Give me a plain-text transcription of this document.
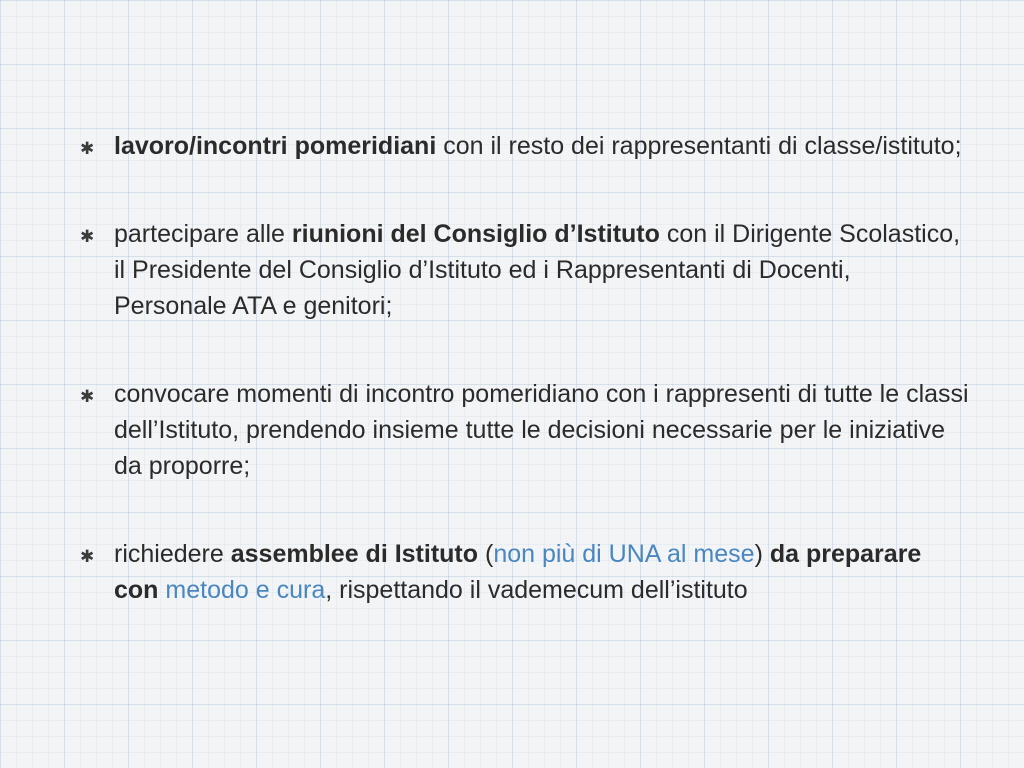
✱ lavoro/incontri pomeridiani con il resto dei rappresentanti di classe/istituto;
✱ partecipare alle riunioni del Consiglio d’Istituto con il Dirigente Scolastico, il Presidente del Consiglio d’Istituto ed i Rappresentanti di Docenti, Personale ATA e genitori;
✱ convocare momenti di incontro pomeridiano con i rappresenti di tutte le classi dell’Istituto, prendendo insieme tutte le decisioni necessarie per le iniziative da proporre;
✱ richiedere assemblee di Istituto (non più di UNA al mese) da preparare con metodo e cura, rispettando il vademecum dell’istituto
